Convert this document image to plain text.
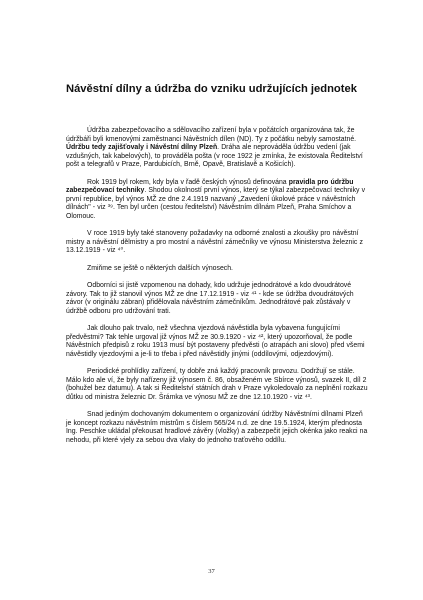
Návěstní dílny a údržba do vzniku udržujících jednotek

Údržba zabezpečovacího a sdělovacího zařízení byla v počátcích organizována tak, že údržbáři byli kmenovými zaměstnanci Návěstních dílen (ND). Ty z počátku nebyly samostatné. Údržbu tedy zajišťovaly i Návěstní dílny Plzeň. Dráha ale neprováděla údržbu vedení (jak vzdušných, tak kabelových), to prováděla pošta (v roce 1922 je zmínka, že existovala Ředitelství pošt a telegrafů v Praze, Pardubicích, Brně, Opavě, Bratislavě a Košicích).

Rok 1919 byl rokem, kdy byla v řadě českých výnosů definována pravidla pro údržbu zabezpečovací techniky. Shodou okolností první výnos, který se týkal zabezpečovací techniky v první republice, byl výnos MŽ ze dne 2.4.1919 nazvaný „Zavedení úkolové práce v návěstních dílnách" - viz ³⁹. Ten byl určen (cestou ředitelství) Návěstním dílnám Plzeň, Praha Smíchov a Olomouc.

V roce 1919 byly také stanoveny požadavky na odborné znalosti a zkoušky pro návěstní mistry a návěstní dělmistry a pro mostní a návěstní zámečníky ve výnosu Ministerstva železnic z 13.12.1919 - viz ⁴⁰.

Zmiňme se ještě o některých dalších výnosech.

Odborníci si jistě vzpomenou na dohady, kdo udržuje jednodrátové a kdo dvoudrátové závory. Tak to již stanovil výnos MŽ ze dne 17.12.1919 - viz ⁴¹ - kde se údržba dvoudrátových závor (v originálu zábran) přidělovala návěstním zámečníkům. Jednodrátové pak zůstávaly v údržbě odboru pro udržování trati.

Jak dlouho pak trvalo, než všechna vjezdová návěstidla byla vybavena fungujícími předvěstmi? Tak tehle urgoval již výnos MŽ ze 30.9.1920 - viz ⁴², který upozorňoval, že podle Návěstních předpisů z roku 1913 musí být postaveny předvěsti (o atrapách ani slovo) před všemi návěstidly vjezdovými a je-li to třeba i před návěstidly jinými (oddílovými, odjezdovými).

Periodické prohlídky zařízení, ty dobře zná každý pracovník provozu. Dodržují se stále. Málo kdo ale ví, že byly nařízeny již výnosem č. 86, obsaženém ve Sbírce výnosů, svazek II, díl 2 (bohužel bez datumu). A tak si Ředitelství státních drah v Praze vykoledovalo za neplnění rozkazu důtku od ministra železnic Dr. Šrámka ve výnosu MŽ ze dne 12.10.1920 - viz ⁴³.

Snad jediným dochovaným dokumentem o organizování údržby Návěstními dílnami Plzeň je koncept rozkazu návěstním mistrům s číslem 565/24 n.d. ze dne 19.5.1924, kterým přednosta Ing. Peschke ukládal překousat hradlové závěry (vložky) a zabezpečit jejich okénka jako reakci na nehodu, při které vjely za sebou dva vlaky do jednoho traťového oddílu.

37
